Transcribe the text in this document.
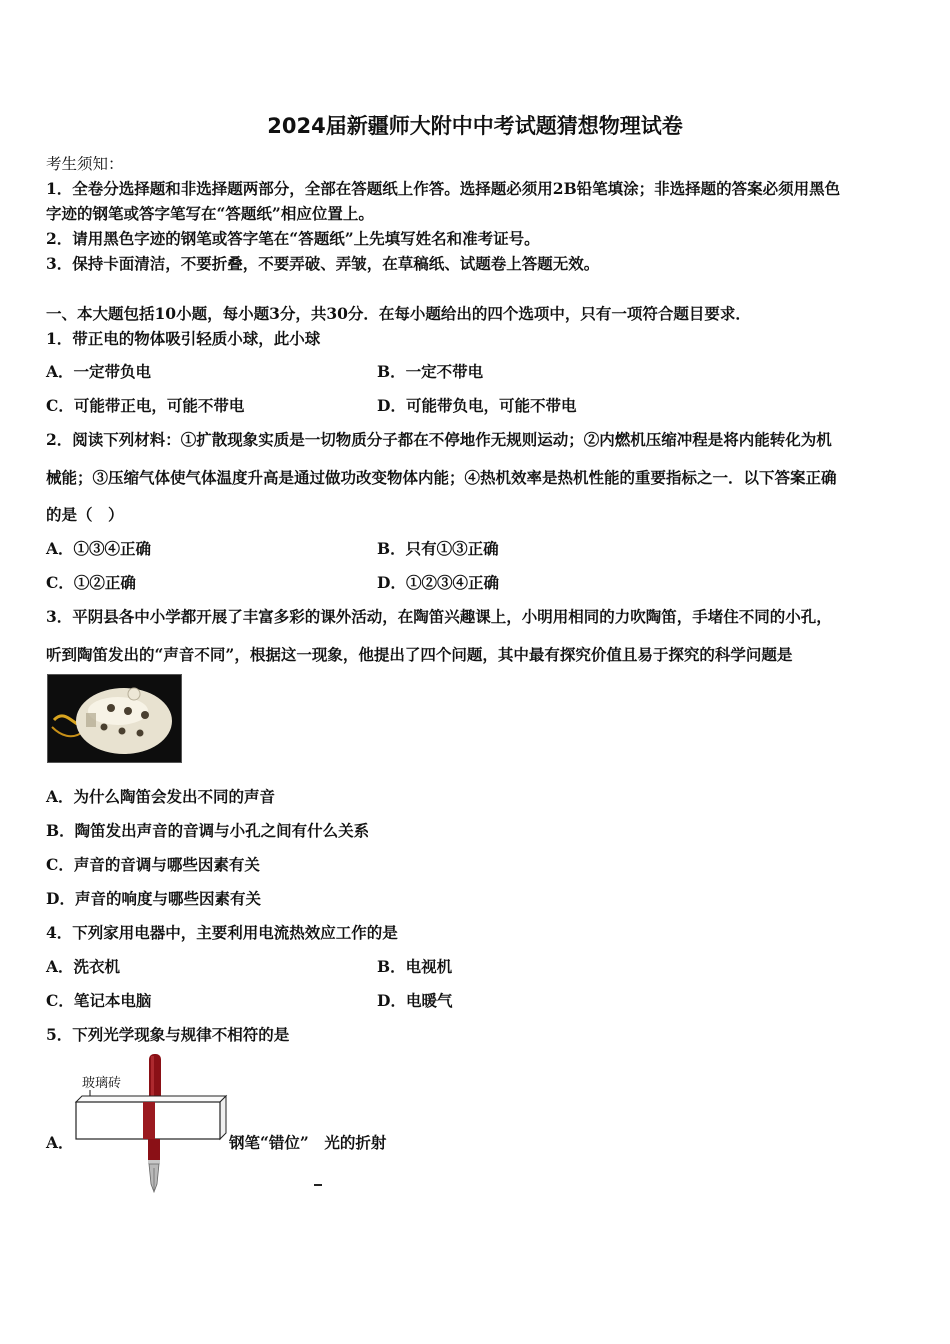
2024届新疆师大附中中考试题猜想物理试卷
考生须知：
1．全卷分选择题和非选择题两部分，全部在答题纸上作答。选择题必须用2B铅笔填涂；非选择题的答案必须用黑色
字迹的钢笔或答字笔写在“答题纸”相应位置上。
2．请用黑色字迹的钢笔或答字笔在“答题纸”上先填写姓名和准考证号。
3．保持卡面清洁，不要折叠，不要弄破、弄皱，在草稿纸、试题卷上答题无效。
一、本大题包括10小题，每小题3分，共30分．在每小题给出的四个选项中，只有一项符合题目要求．
1．带正电的物体吸引轻质小球，此小球
A．一定带负电	B．一定不带电
C．可能带正电，可能不带电	D．可能带负电，可能不带电
2．阅读下列材料：①扩散现象实质是一切物质分子都在不停地作无规则运动；②内燃机压缩冲程是将内能转化为机
械能；③压缩气体使气体温度升高是通过做功改变物体内能；④热机效率是热机性能的重要指标之一．以下答案正确
的是（　）
A．①③④正确	B．只有①③正确
C．①②正确	D．①②③④正确
3．平阴县各中小学都开展了丰富多彩的课外活动，在陶笛兴趣课上，小明用相同的力吹陶笛，手堵住不同的小孔，
听到陶笛发出的“声音不同”，根据这一现象，他提出了四个问题，其中最有探究价值且易于探究的科学问题是
A．为什么陶笛会发出不同的声音
B．陶笛发出声音的音调与小孔之间有什么关系
C．声音的音调与哪些因素有关
D．声音的响度与哪些因素有关
4．下列家用电器中，主要利用电流热效应工作的是
A．洗衣机	B．电视机
C．笔记本电脑	D．电暖气
5．下列光学现象与规律不相符的是
A．
玻璃砖
钢笔“错位”　光的折射
